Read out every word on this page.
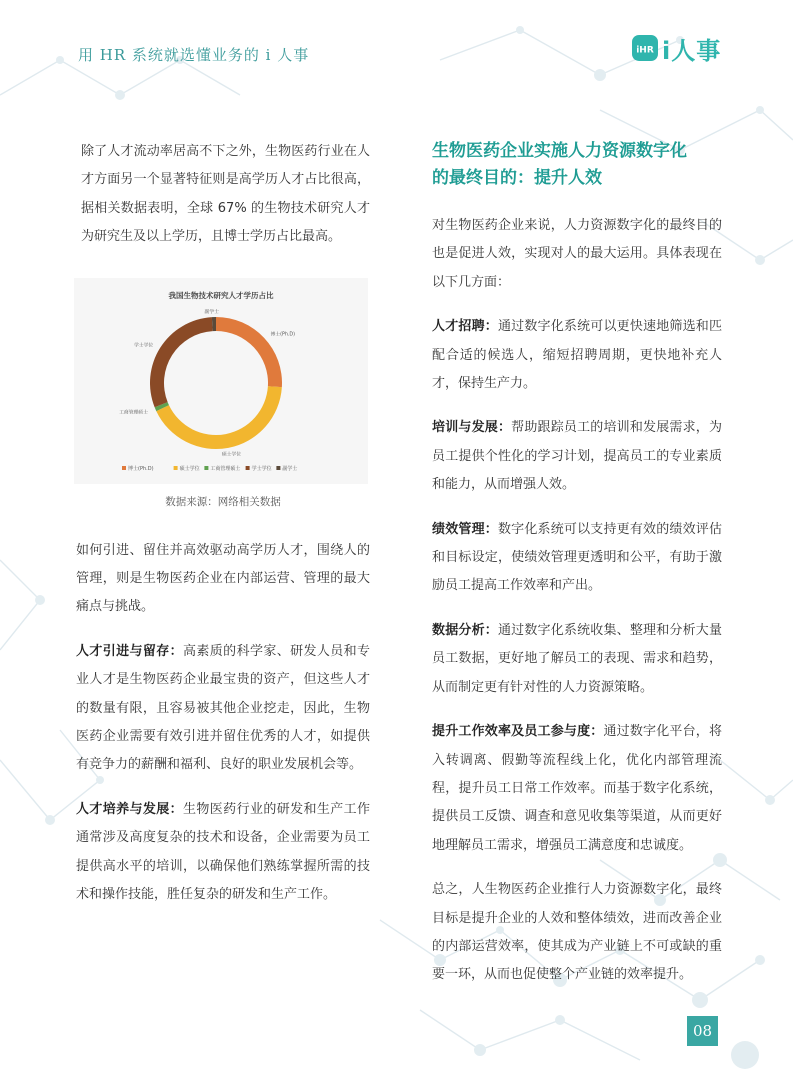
用 HR 系统就选懂业务的 i 人事	iHR i人事

除了人才流动率居高不下之外，生物医药行业在人才方面另一个显著特征则是高学历人才占比很高，据相关数据表明，全球 67% 的生物技术研究人才为研究生及以上学历，且博士学历占比最高。

我国生物技术研究人才学历占比
博士(Ph.D)
硕士学位
工商管理硕士
学士学位
副学士
博士(Ph.D)	硕士学位 工商管理硕士 学士学位 副学士
数据来源：网络相关数据

如何引进、留住并高效驱动高学历人才，围绕人的管理，则是生物医药企业在内部运营、管理的最大痛点与挑战。

人才引进与留存：高素质的科学家、研发人员和专业人才是生物医药企业最宝贵的资产，但这些人才的数量有限，且容易被其他企业挖走，因此，生物医药企业需要有效引进并留住优秀的人才，如提供有竞争力的薪酬和福利、良好的职业发展机会等。

人才培养与发展：生物医药行业的研发和生产工作通常涉及高度复杂的技术和设备，企业需要为员工提供高水平的培训，以确保他们熟练掌握所需的技术和操作技能，胜任复杂的研发和生产工作。

生物医药企业实施人力资源数字化
的最终目的：提升人效

对生物医药企业来说，人力资源数字化的最终目的也是促进人效，实现对人的最大运用。具体表现在以下几方面：

人才招聘：通过数字化系统可以更快速地筛选和匹配合适的候选人，缩短招聘周期，更快地补充人才，保持生产力。

培训与发展：帮助跟踪员工的培训和发展需求，为员工提供个性化的学习计划，提高员工的专业素质和能力，从而增强人效。

绩效管理：数字化系统可以支持更有效的绩效评估和目标设定，使绩效管理更透明和公平，有助于激励员工提高工作效率和产出。

数据分析：通过数字化系统收集、整理和分析大量员工数据，更好地了解员工的表现、需求和趋势，从而制定更有针对性的人力资源策略。

提升工作效率及员工参与度：通过数字化平台，将入转调离、假勤等流程线上化，优化内部管理流程，提升员工日常工作效率。而基于数字化系统，提供员工反馈、调查和意见收集等渠道，从而更好地理解员工需求，增强员工满意度和忠诚度。

总之，人生物医药企业推行人力资源数字化，最终目标是提升企业的人效和整体绩效，进而改善企业的内部运营效率，使其成为产业链上不可或缺的重要一环，从而也促使整个产业链的效率提升。

08
